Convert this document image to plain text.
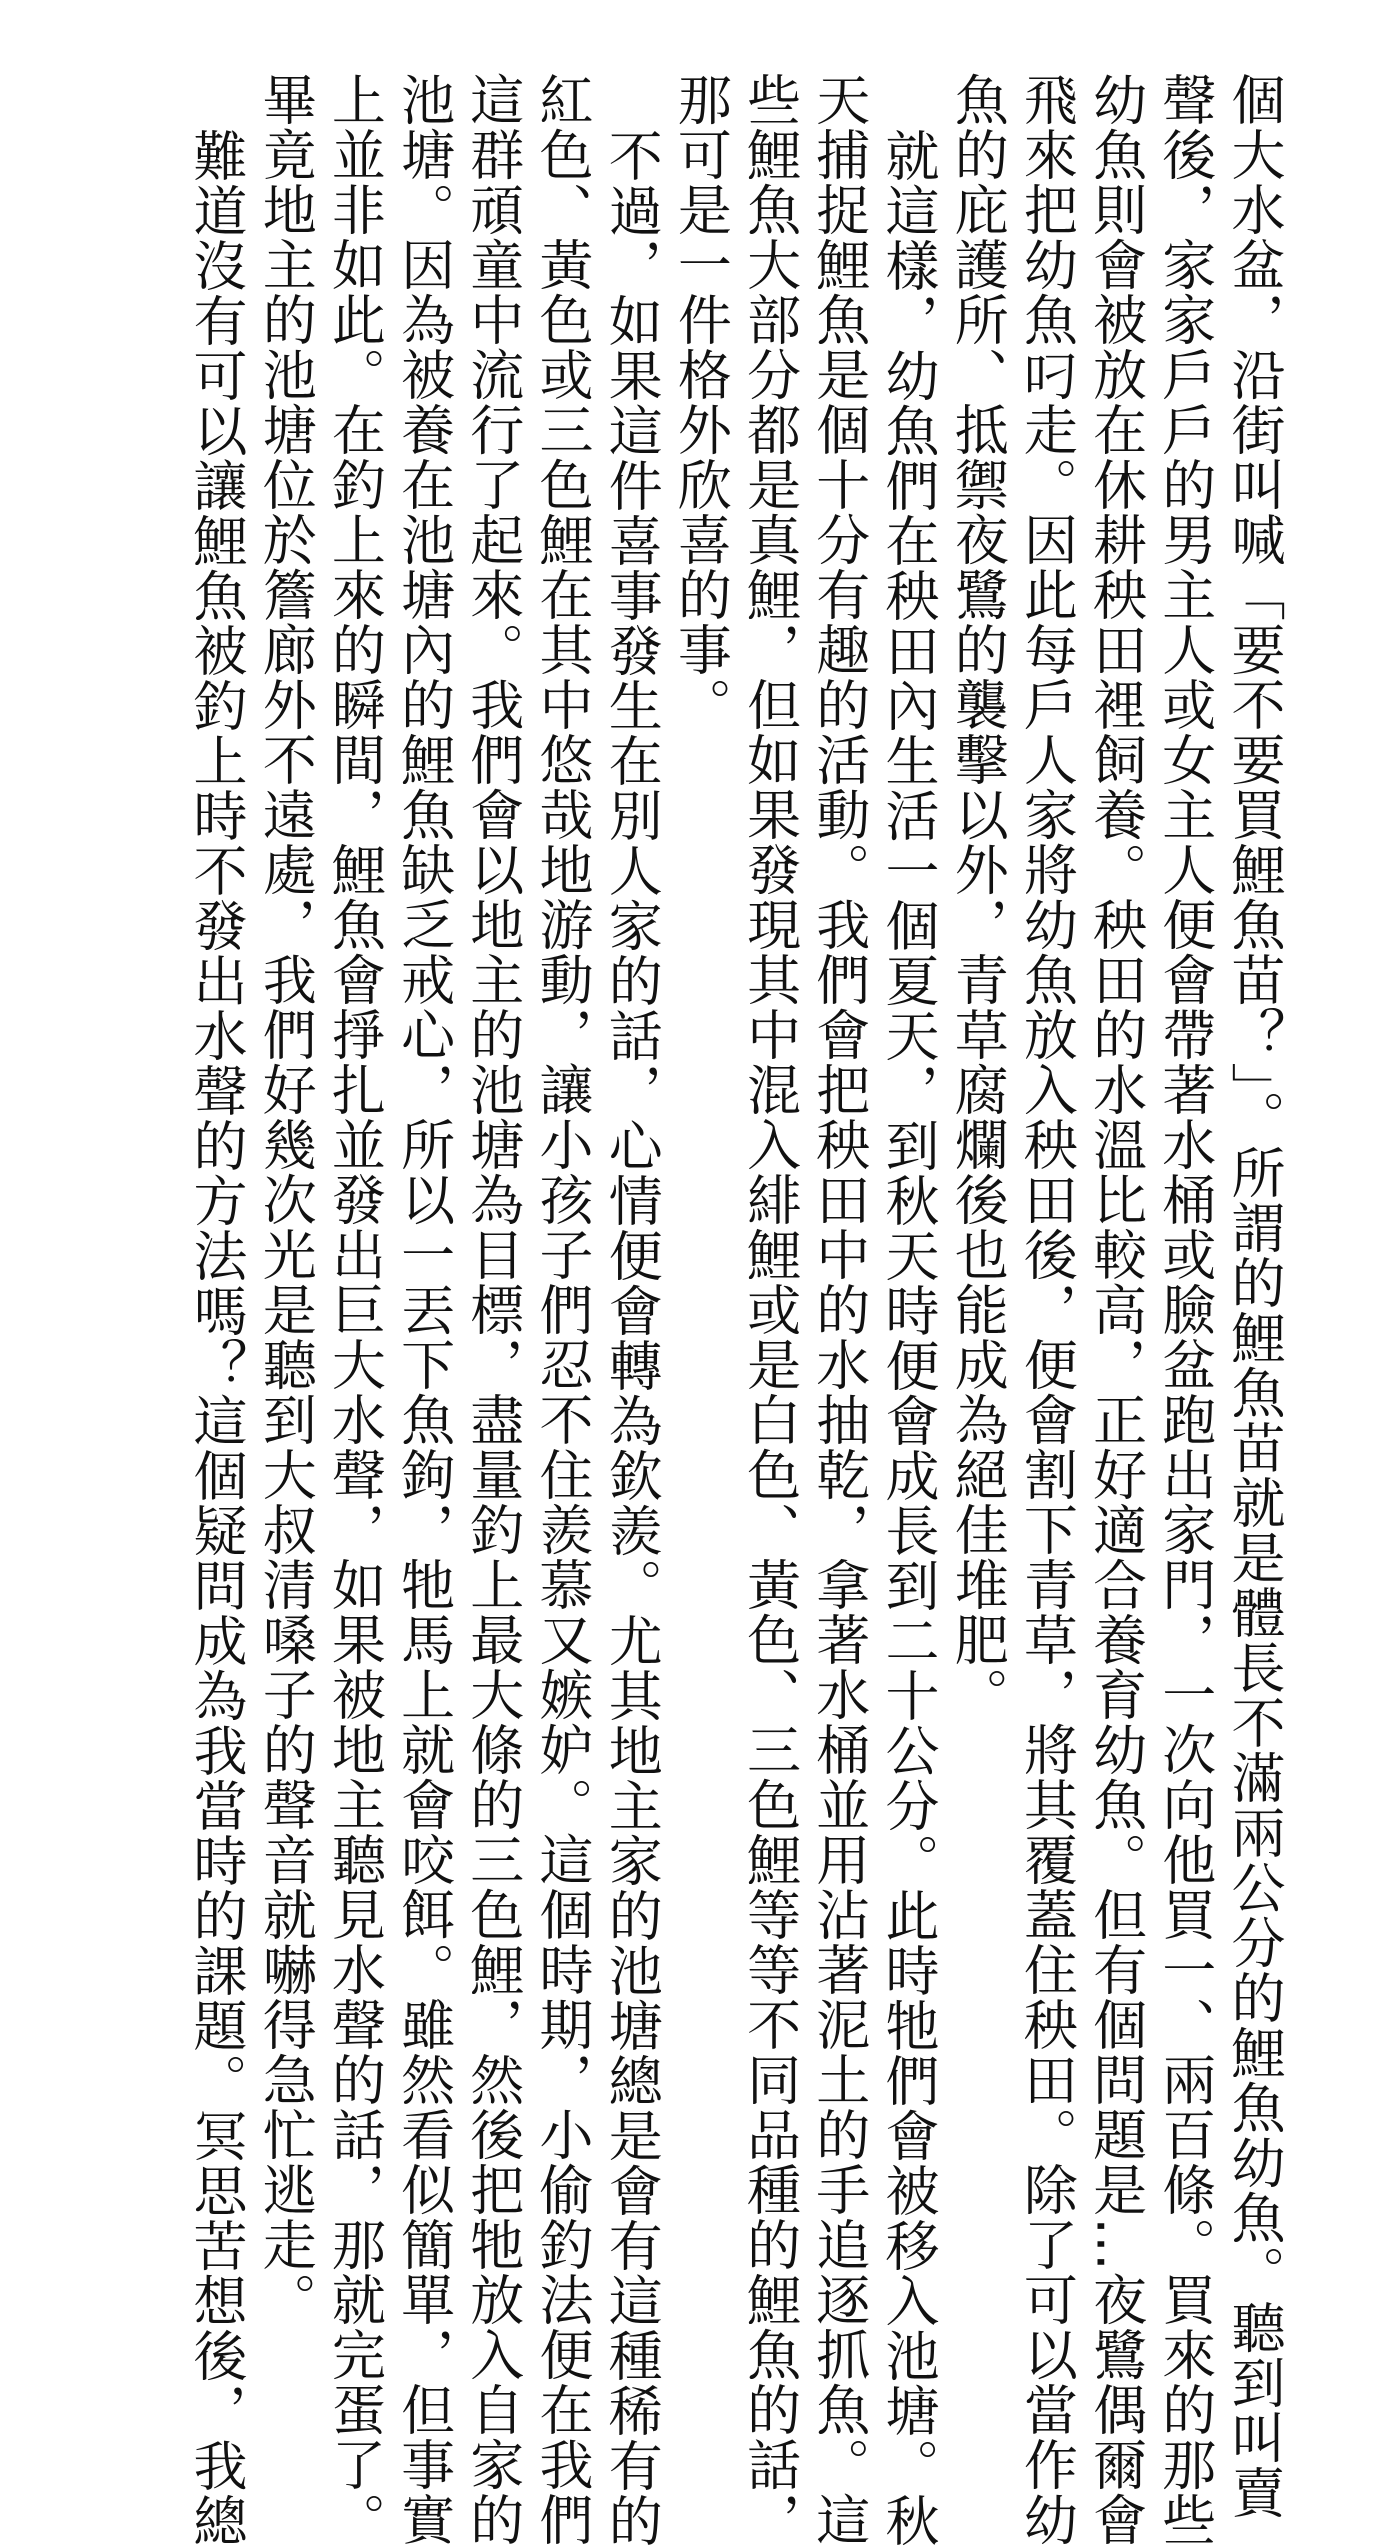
個大水盆，沿街叫喊「要不要買鯉魚苗？」。所謂的鯉魚苗就是體長不滿兩公分的鯉魚幼魚。聽到叫賣
聲後，家家戶戶的男主人或女主人便會帶著水桶或臉盆跑出家門，一次向他買一、兩百條。買來的那些
幼魚則會被放在休耕秧田裡飼養。秧田的水溫比較高，正好適合養育幼魚。但有個問題是…夜鷺偶爾會
飛來把幼魚叼走。因此每戶人家將幼魚放入秧田後，便會割下青草，將其覆蓋住秧田。除了可以當作幼
魚的庇護所、抵禦夜鷺的襲擊以外，青草腐爛後也能成為絕佳堆肥。
就這樣，幼魚們在秧田內生活一個夏天，到秋天時便會成長到二十公分。此時牠們會被移入池塘。秋
天捕捉鯉魚是個十分有趣的活動。我們會把秧田中的水抽乾，拿著水桶並用沾著泥土的手追逐抓魚。這
些鯉魚大部分都是真鯉，但如果發現其中混入緋鯉或是白色、黃色、三色鯉等等不同品種的鯉魚的話，
那可是一件格外欣喜的事。
不過，如果這件喜事發生在別人家的話，心情便會轉為欽羨。尤其地主家的池塘總是會有這種稀有的
紅色、黃色或三色鯉在其中悠哉地游動，讓小孩子們忍不住羨慕又嫉妒。這個時期，小偷釣法便在我們
這群頑童中流行了起來。我們會以地主的池塘為目標，盡量釣上最大條的三色鯉，然後把牠放入自家的
池塘。因為被養在池塘內的鯉魚缺乏戒心，所以一丟下魚鉤，牠馬上就會咬餌。雖然看似簡單，但事實
上並非如此。在釣上來的瞬間，鯉魚會掙扎並發出巨大水聲，如果被地主聽見水聲的話，那就完蛋了。
畢竟地主的池塘位於簷廊外不遠處，我們好幾次光是聽到大叔清嗓子的聲音就嚇得急忙逃走。
難道沒有可以讓鯉魚被釣上時不發出水聲的方法嗎？這個疑問成為我當時的課題。冥思苦想後，我總
